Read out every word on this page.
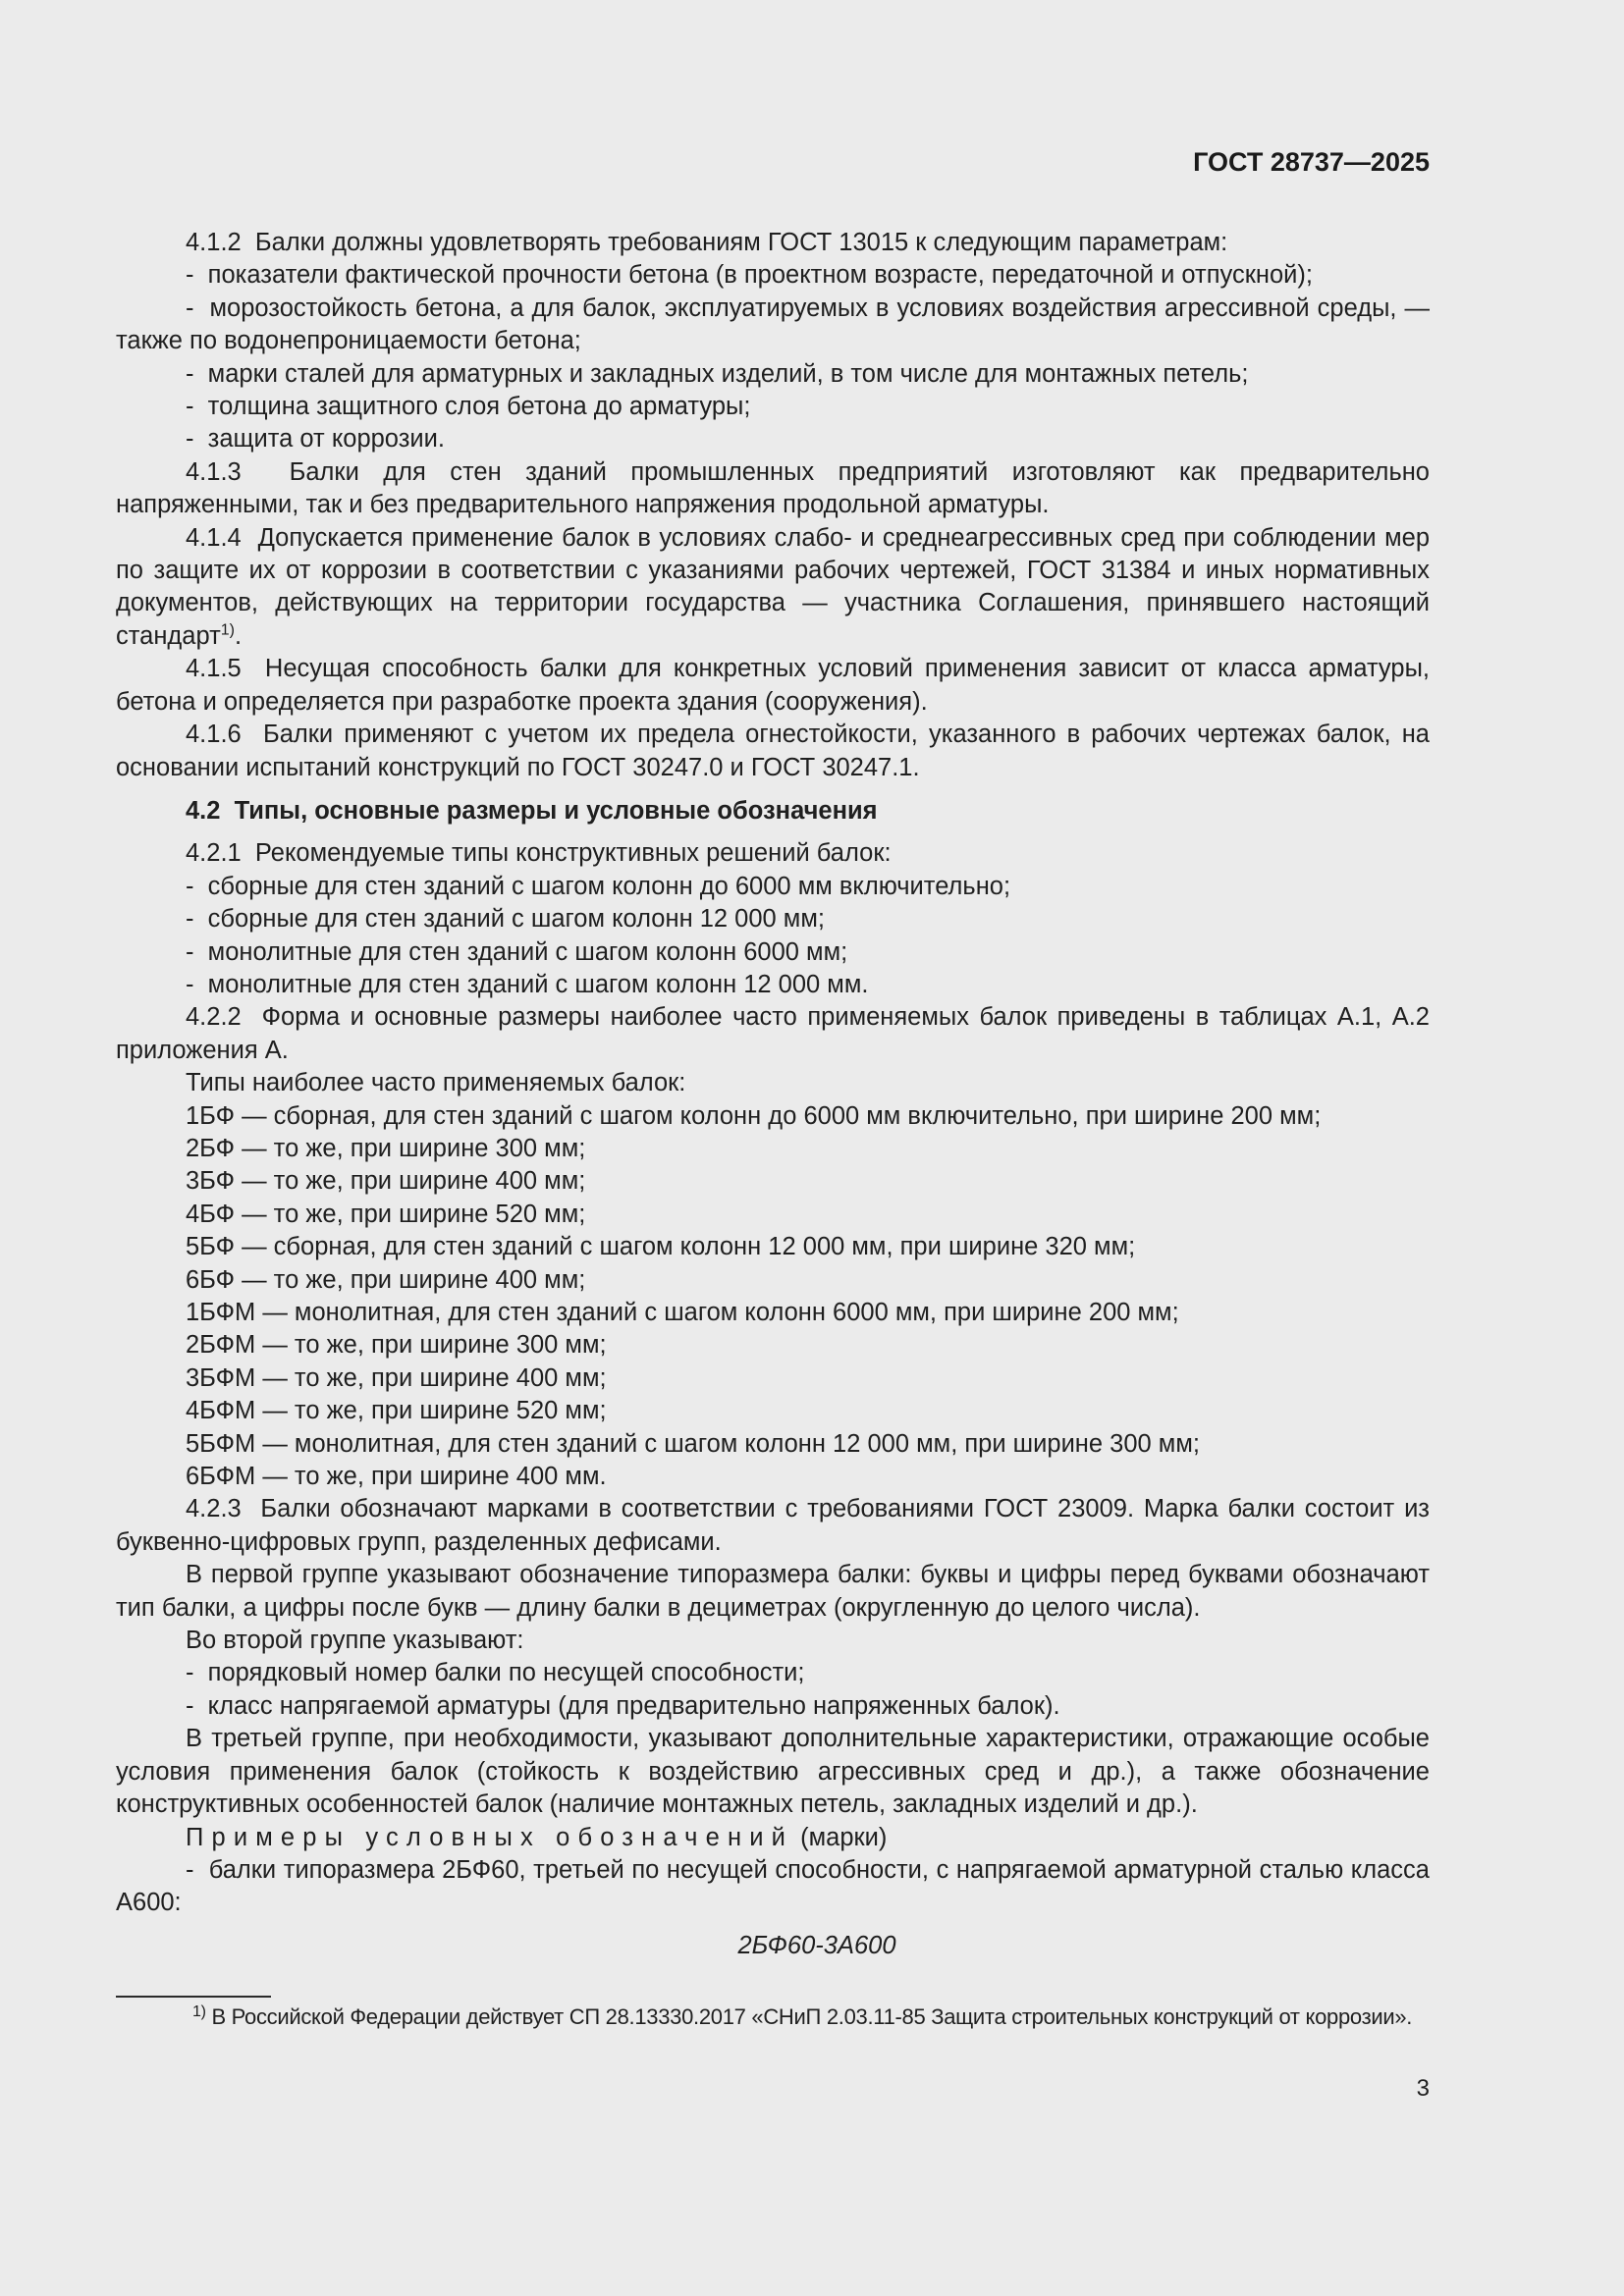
ГОСТ 28737—2025

4.1.2 Балки должны удовлетворять требованиям ГОСТ 13015 к следующим параметрам:

-  показатели фактической прочности бетона (в проектном возрасте, передаточной и отпускной);

-  морозостойкость бетона, а для балок, эксплуатируемых в условиях воздействия агрессивной среды, — также по водонепроницаемости бетона;

-  марки сталей для арматурных и закладных изделий, в том числе для монтажных петель;

-  толщина защитного слоя бетона до арматуры;

-  защита от коррозии.

4.1.3 Балки для стен зданий промышленных предприятий изготовляют как предварительно напряженными, так и без предварительного напряжения продольной арматуры.

4.1.4 Допускается применение балок в условиях слабо- и среднеагрессивных сред при соблюдении мер по защите их от коррозии в соответствии с указаниями рабочих чертежей, ГОСТ 31384 и иных нормативных документов, действующих на территории государства — участника Соглашения, принявшего настоящий стандарт$^{1)}$.

4.1.5 Несущая способность балки для конкретных условий применения зависит от класса арматуры, бетона и определяется при разработке проекта здания (сооружения).

4.1.6 Балки применяют с учетом их предела огнестойкости, указанного в рабочих чертежах балок, на основании испытаний конструкций по ГОСТ 30247.0 и ГОСТ 30247.1.

4.2 Типы, основные размеры и условные обозначения

4.2.1 Рекомендуемые типы конструктивных решений балок:

-  сборные для стен зданий с шагом колонн до 6000 мм включительно;

-  сборные для стен зданий с шагом колонн 12 000 мм;

-  монолитные для стен зданий с шагом колонн 6000 мм;

-  монолитные для стен зданий с шагом колонн 12 000 мм.

4.2.2 Форма и основные размеры наиболее часто применяемых балок приведены в таблицах А.1, А.2 приложения А.

Типы наиболее часто применяемых балок:

1БФ — сборная, для стен зданий с шагом колонн до 6000 мм включительно, при ширине 200 мм;

2БФ — то же, при ширине 300 мм;

3БФ — то же, при ширине 400 мм;

4БФ — то же, при ширине 520 мм;

5БФ — сборная, для стен зданий с шагом колонн 12 000 мм, при ширине 320 мм;

6БФ — то же, при ширине 400 мм;

1БФМ — монолитная, для стен зданий с шагом колонн 6000 мм, при ширине 200 мм;

2БФМ — то же, при ширине 300 мм;

3БФМ — то же, при ширине 400 мм;

4БФМ — то же, при ширине 520 мм;

5БФМ — монолитная, для стен зданий с шагом колонн 12 000 мм, при ширине 300 мм;

6БФМ — то же, при ширине 400 мм.

4.2.3 Балки обозначают марками в соответствии с требованиями ГОСТ 23009. Марка балки состоит из буквенно-цифровых групп, разделенных дефисами.

В первой группе указывают обозначение типоразмера балки: буквы и цифры перед буквами обозначают тип балки, а цифры после букв — длину балки в дециметрах (округленную до целого числа).

Во второй группе указывают:

-  порядковый номер балки по несущей способности;

-  класс напрягаемой арматуры (для предварительно напряженных балок).

В третьей группе, при необходимости, указывают дополнительные характеристики, отражающие особые условия применения балок (стойкость к воздействию агрессивных сред и др.), а также обозначение конструктивных особенностей балок (наличие монтажных петель, закладных изделий и др.).

Примеры условных обозначений (марки)

-  балки типоразмера 2БФ60, третьей по несущей способности, с напрягаемой арматурной сталью класса А600:

2БФ60-3А600

$^{1)}$ В Российской Федерации действует СП 28.13330.2017 «СНиП 2.03.11-85 Защита строительных конструкций от коррозии».
3
